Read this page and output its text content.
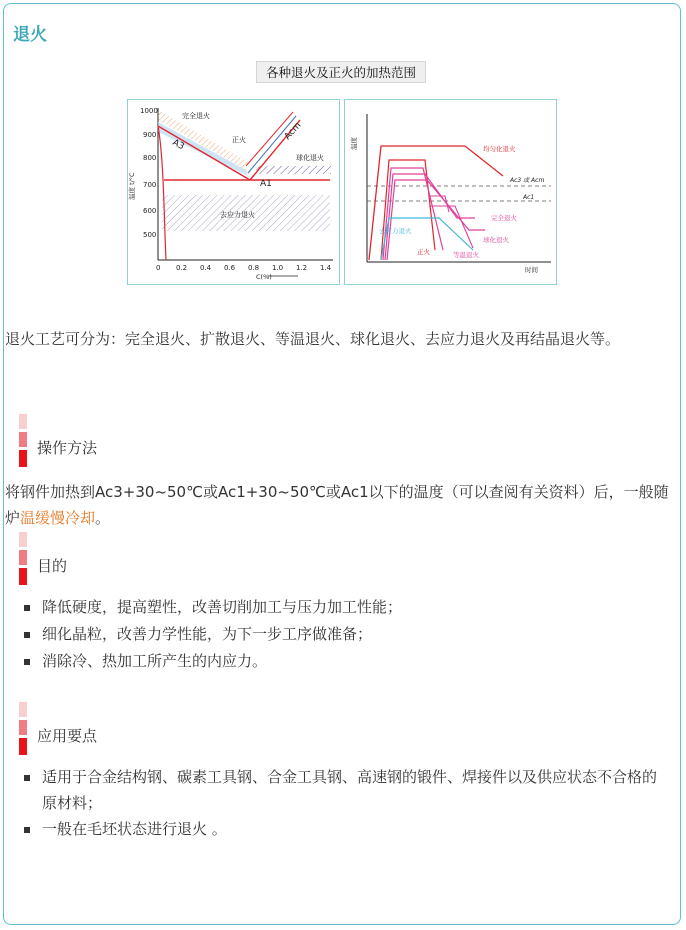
退火
各种退火及正火的加热范围
1000
900
800
700
600
500
温度 t/°C
0 0.2 0.4 0.6 0.8 1.0 1.2 1.4
C(%)
完全退火
正火	Acm
A3
A1
球化退火
去应力退火
温度
时间
Ac3 或 Acm
Ac1
均匀化退火
完全退火
去应力退火
球化退火
正火	等温退火
退火工艺可分为：完全退火、扩散退火、等温退火、球化退火、去应力退火及再结晶退火等。
操作方法
将钢件加热到Ac3+30~50℃或Ac1+30~50℃或Ac1以下的温度（可以查阅有关资料）后，一般随炉温缓慢冷却。
目的
降低硬度，提高塑性，改善切削加工与压力加工性能；
细化晶粒，改善力学性能，为下一步工序做准备；
消除冷、热加工所产生的内应力。
应用要点
适用于合金结构钢、碳素工具钢、合金工具钢、高速钢的锻件、焊接件以及供应状态不合格的原材料；
一般在毛坯状态进行退火 。
